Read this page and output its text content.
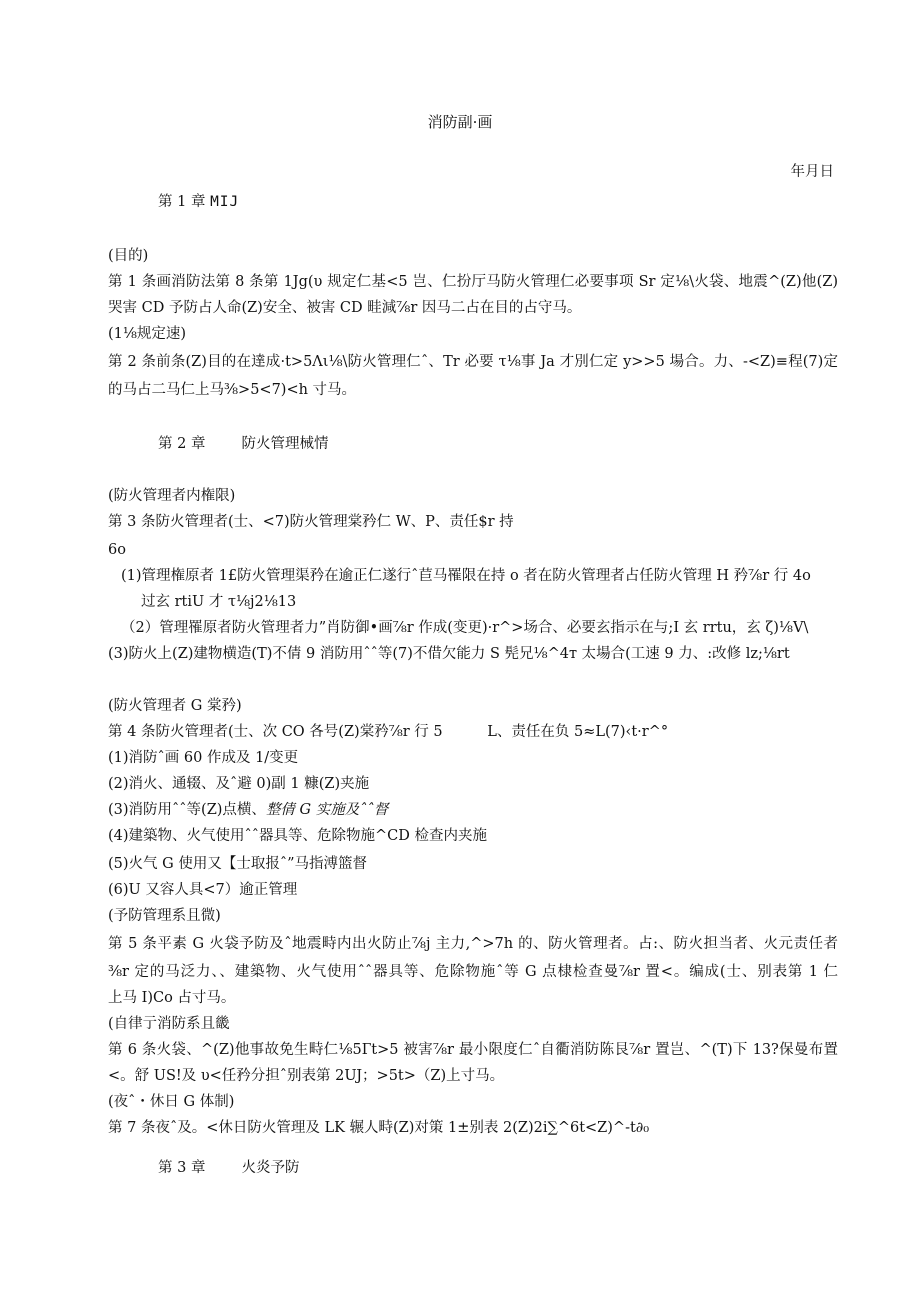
消防副·画
年月日
第 1 章 MIJ
(目的)
第 1 条画消防法第 8 条第 1Jg(υ 规定仁基<5 岂、仁扮厅马防火管理仁必要事项 Sr 定⅛\火袋、地震^(Z)他(Z)
哭害 CD 予防占人命(Z)安全、被害 CD 畦減⅞r 因马二占在目的占守马。
(1⅛规定速)
第 2 条前条(Z)目的在達成·t>5Λι⅛\防火管理仁ˆ、Tr 必要 τ⅛事 Ja 才別仁定 y>>5 場合。力、-<Z)≡程(7)定
的马占二马仁上马⅜>5<7)<h 寸马。
第 2 章 防火管理械情
(防火管理者内権限)
第 3 条防火管理者(士、<7)防火管理棠矜仁 W、P、责任$r 持
6o
(1)管理権原者 1£防火管理渠矜在逾正仁遂行ˆ苣马罹限在持 o 者在防火管理者占任防火管理 H 矜⅞r 行 4o
过玄 rtiU 才 τ⅛j2⅛13
（2）管理罹原者防火管理者力”肖防御•画⅞r 作成(变更)·r^>场合、必要玄指示在与;I 玄 rrtu，玄 ζ)⅛V\
(3)防火上(Z)建物横造(T)不倩 9 消防用ˆˆ等(7)不借欠能力 S 髡兄⅛^4т 太場合(工速 9 力、:改修 lz;⅛rt
(防火管理者 G 棠矜)
第 4 条防火管理者(士、次 CO 各号(Z)棠矜⅞r 行 5	L、责任在负 5≈L(7)‹t·r^°
(1)消防ˆ画 60 作成及 1/变更
(2)消火、通辍、及ˆ避 0)副 1 糠(Z)夹施
(3)消防用ˆˆ等(Z)点横、整倩 G 实施及ˆˆ督
(4)建築物、火气使用ˆˆ器具等、危除物施^CD 检查内夹施
(5)火气 G 使用又【士取报ˆ”马指溥篮督
(6)U 又容人具<7）逾正管理
(予防管理系且微)
第 5 条平素 G 火袋予防及ˆ地震畤内出火防止⅞j 主力,^>7h 的、防火管理者。占:、防火担当者、火元责任者
⅜r 定的马泛力、、建築物、火气使用ˆˆ器具等、危除物施ˆ等 G 点棣检查曼⅞r 置<。编成(士、别表第 1 仁
上马 I)Co 占寸马。
(自律亍消防系且畿
第 6 条火袋、^(Z)他事故免生畤仁⅛5Гt>5 被害⅞r 最小限度仁ˆ自衢消防陈艮⅞r 置岂、^(T)下 13?保曼布置
<。舒 US!及 υ<任矜分担ˆ别表第 2UJ；>5t>（Z)上寸马。
(夜ˆ・休日 G 体制)
第 7 条夜ˆ及。<休日防火管理及 LK 辗人畤(Z)对策 1±别表 2(Z)2i∑^6t<Z)^-t∂₀
第 3 章 火炎予防
